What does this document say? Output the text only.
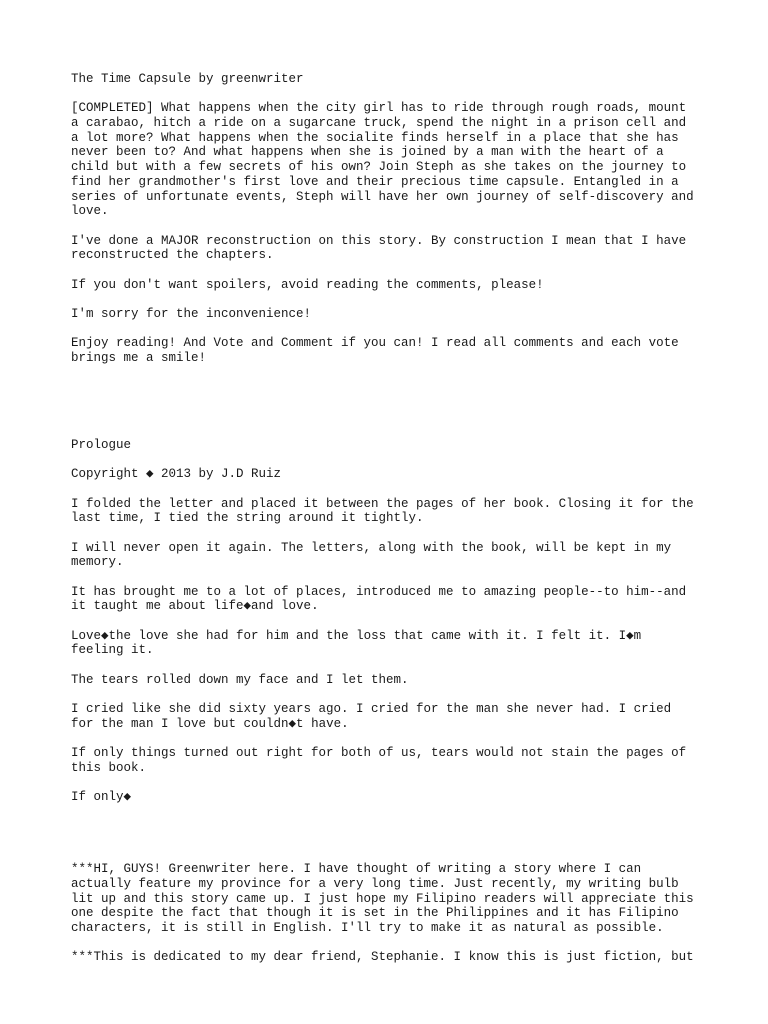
The Time Capsule by greenwriter

[COMPLETED] What happens when the city girl has to ride through rough roads, mount
a carabao, hitch a ride on a sugarcane truck, spend the night in a prison cell and
a lot more? What happens when the socialite finds herself in a place that she has
never been to? And what happens when she is joined by a man with the heart of a
child but with a few secrets of his own? Join Steph as she takes on the journey to
find her grandmother's first love and their precious time capsule. Entangled in a
series of unfortunate events, Steph will have her own journey of self-discovery and
love.

I've done a MAJOR reconstruction on this story. By construction I mean that I have
reconstructed the chapters.

If you don't want spoilers, avoid reading the comments, please!

I'm sorry for the inconvenience!

Enjoy reading! And Vote and Comment if you can! I read all comments and each vote
brings me a smile!

Prologue

Copyright ◆ 2013 by J.D Ruiz

I folded the letter and placed it between the pages of her book. Closing it for the
last time, I tied the string around it tightly.

I will never open it again. The letters, along with the book, will be kept in my
memory.

It has brought me to a lot of places, introduced me to amazing people--to him--and
it taught me about life◆and love.

Love◆the love she had for him and the loss that came with it. I felt it. I◆m
feeling it.

The tears rolled down my face and I let them.

I cried like she did sixty years ago. I cried for the man she never had. I cried
for the man I love but couldn◆t have.

If only things turned out right for both of us, tears would not stain the pages of
this book.

If only◆

***HI, GUYS! Greenwriter here. I have thought of writing a story where I can
actually feature my province for a very long time. Just recently, my writing bulb
lit up and this story came up. I just hope my Filipino readers will appreciate this
one despite the fact that though it is set in the Philippines and it has Filipino
characters, it is still in English. I'll try to make it as natural as possible.

***This is dedicated to my dear friend, Stephanie. I know this is just fiction, but
